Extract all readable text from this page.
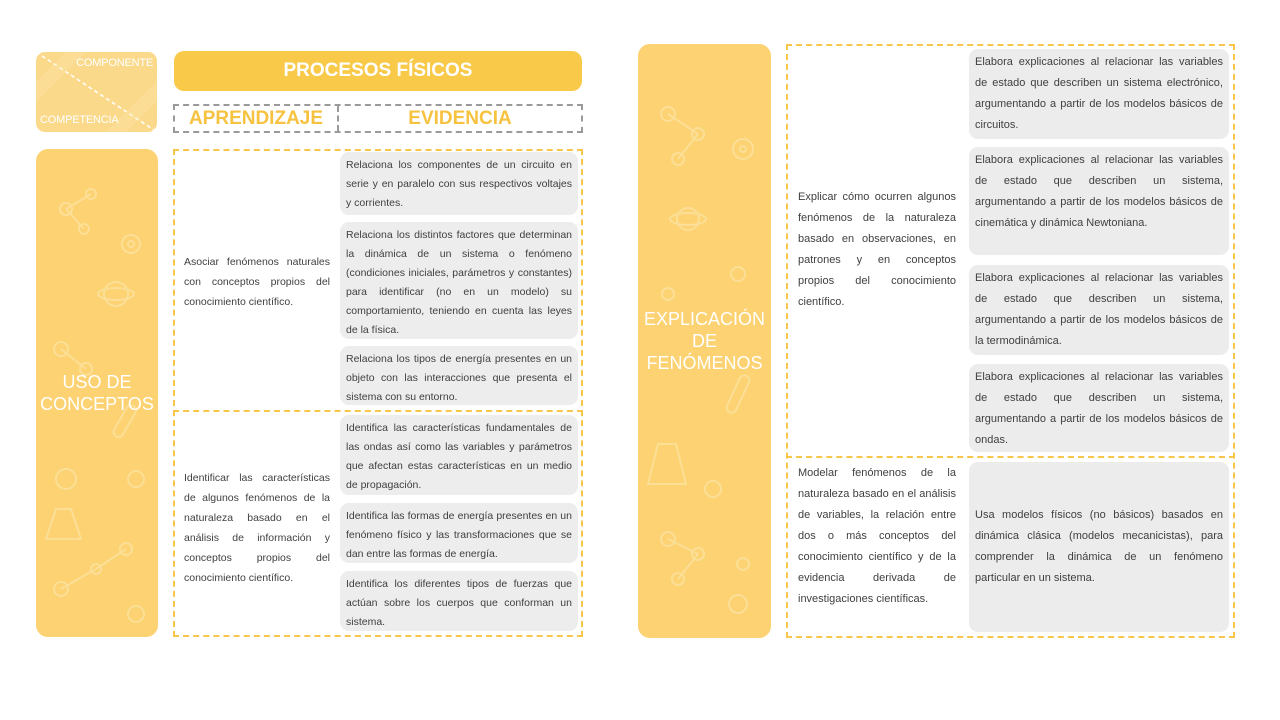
COMPONENTE
COMPETENCIA
PROCESOS FÍSICOS
APRENDIZAJE	EVIDENCIA
USO DE
CONCEPTOS
Asociar fenómenos naturales con conceptos propios del conocimiento científico.
Relaciona los componentes de un circuito en serie y en paralelo con sus respectivos voltajes y corrientes.
Relaciona los distintos factores que determinan la dinámica de un sistema o fenómeno (condiciones iniciales, parámetros y constantes) para identificar (no en un modelo) su comportamiento, teniendo en cuenta las leyes de la física.
Relaciona los tipos de energía presentes en un objeto con las interacciones que presenta el sistema con su entorno.
Identificar las características de algunos fenómenos de la naturaleza basado en el análisis de información y conceptos propios del conocimiento científico.
Identifica las características fundamentales de las ondas así como las variables y parámetros que afectan estas características en un medio de propagación.
Identifica las formas de energía presentes en un fenómeno físico y las transformaciones que se dan entre las formas de energía.
Identifica los diferentes tipos de fuerzas que actúan sobre los cuerpos que conforman un sistema.
EXPLICACIÓN
DE
FENÓMENOS
Explicar cómo ocurren algunos fenómenos de la naturaleza basado en observaciones, en patrones y en conceptos propios del conocimiento científico.
Elabora explicaciones al relacionar las variables de estado que describen un sistema electrónico, argumentando a partir de los modelos básicos de circuitos.
Elabora explicaciones al relacionar las variables de estado que describen un sistema, argumentando a partir de los modelos básicos de cinemática y dinámica Newtoniana.
Elabora explicaciones al relacionar las variables de estado que describen un sistema, argumentando a partir de los modelos básicos de la termodinámica.
Elabora explicaciones al relacionar las variables de estado que describen un sistema, argumentando a partir de los modelos básicos de ondas.
Modelar fenómenos de la naturaleza basado en el análisis de variables, la relación entre dos o más conceptos del conocimiento científico y de la evidencia derivada de investigaciones científicas.
Usa modelos físicos (no básicos) basados en dinámica clásica (modelos mecanicistas), para comprender la dinámica de un fenómeno particular en un sistema.
